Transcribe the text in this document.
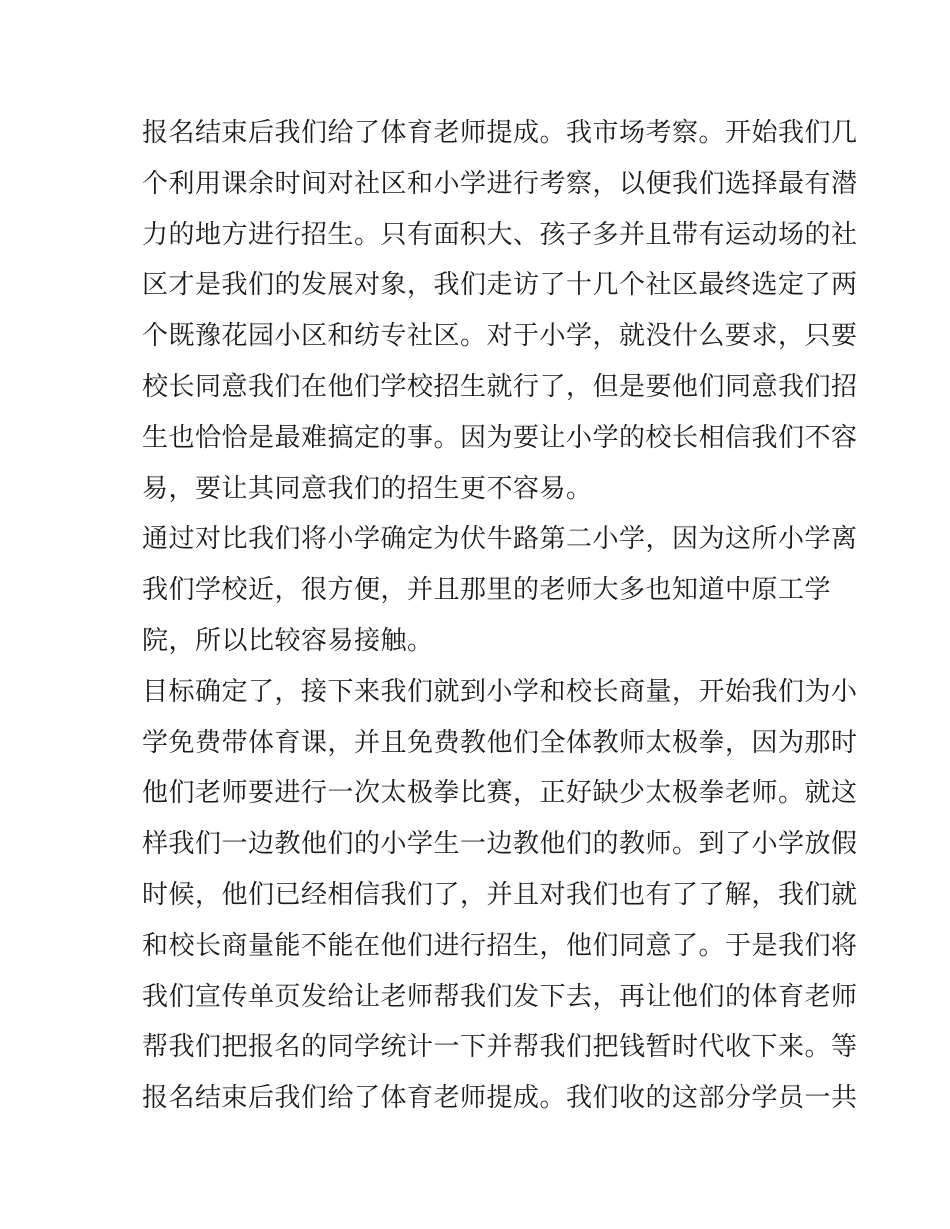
报名结束后我们给了体育老师提成。我市场考察。开始我们几
个利用课余时间对社区和小学进行考察，以便我们选择最有潜
力的地方进行招生。只有面积大、孩子多并且带有运动场的社
区才是我们的发展对象，我们走访了十几个社区最终选定了两
个既豫花园小区和纺专社区。对于小学，就没什么要求，只要
校长同意我们在他们学校招生就行了，但是要他们同意我们招
生也恰恰是最难搞定的事。因为要让小学的校长相信我们不容
易，要让其同意我们的招生更不容易。
通过对比我们将小学确定为伏牛路第二小学，因为这所小学离
我们学校近，很方便，并且那里的老师大多也知道中原工学
院，所以比较容易接触。
目标确定了，接下来我们就到小学和校长商量，开始我们为小
学免费带体育课，并且免费教他们全体教师太极拳，因为那时
他们老师要进行一次太极拳比赛，正好缺少太极拳老师。就这
样我们一边教他们的小学生一边教他们的教师。到了小学放假
时候，他们已经相信我们了，并且对我们也有了了解，我们就
和校长商量能不能在他们进行招生，他们同意了。于是我们将
我们宣传单页发给让老师帮我们发下去，再让他们的体育老师
帮我们把报名的同学统计一下并帮我们把钱暂时代收下来。等
报名结束后我们给了体育老师提成。我们收的这部分学员一共
